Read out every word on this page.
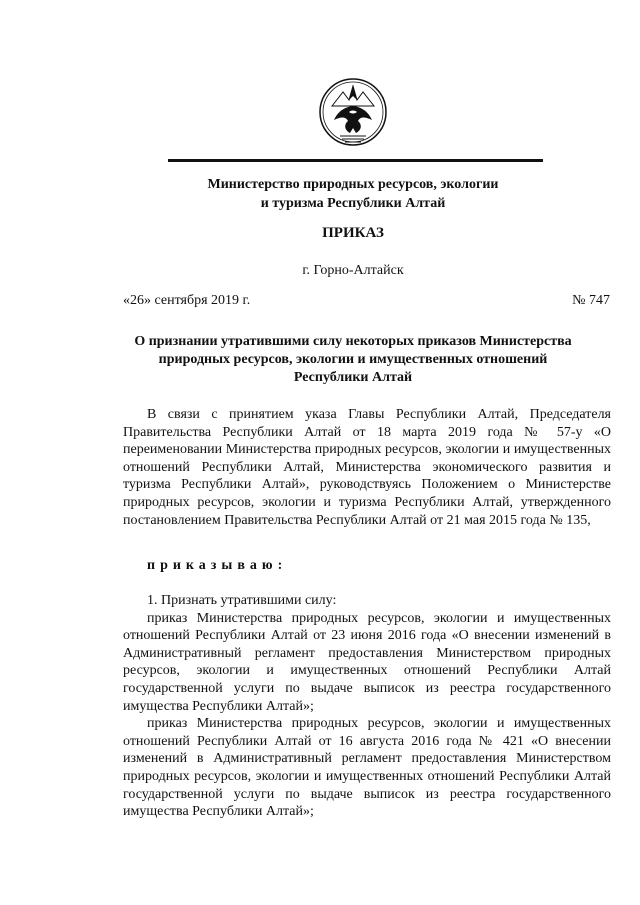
Министерство природных ресурсов, экологии
и туризма Республики Алтай
ПРИКАЗ
г. Горно-Алтайск
«26» сентября 2019 г.	№ 747
О признании утратившими силу некоторых приказов Министерства
природных ресурсов, экологии и имущественных отношений
Республики Алтай
В связи с принятием указа Главы Республики Алтай, Председателя Правительства Республики Алтай от 18 марта 2019 года № 57-у «О переименовании Министерства природных ресурсов, экологии и имущественных отношений Республики Алтай, Министерства экономического развития и туризма Республики Алтай», руководствуясь Положением о Министерстве природных ресурсов, экологии и туризма Республики Алтай, утвержденного постановлением Правительства Республики Алтай от 21 мая 2015 года № 135,
приказываю:
1. Признать утратившими силу:
приказ Министерства природных ресурсов, экологии и имущественных отношений Республики Алтай от 23 июня 2016 года «О внесении изменений в Административный регламент предоставления Министерством природных ресурсов, экологии и имущественных отношений Республики Алтай государственной услуги по выдаче выписок из реестра государственного имущества Республики Алтай»;
приказ Министерства природных ресурсов, экологии и имущественных отношений Республики Алтай от 16 августа 2016 года № 421 «О внесении изменений в Административный регламент предоставления Министерством природных ресурсов, экологии и имущественных отношений Республики Алтай государственной услуги по выдаче выписок из реестра государственного имущества Республики Алтай»;
